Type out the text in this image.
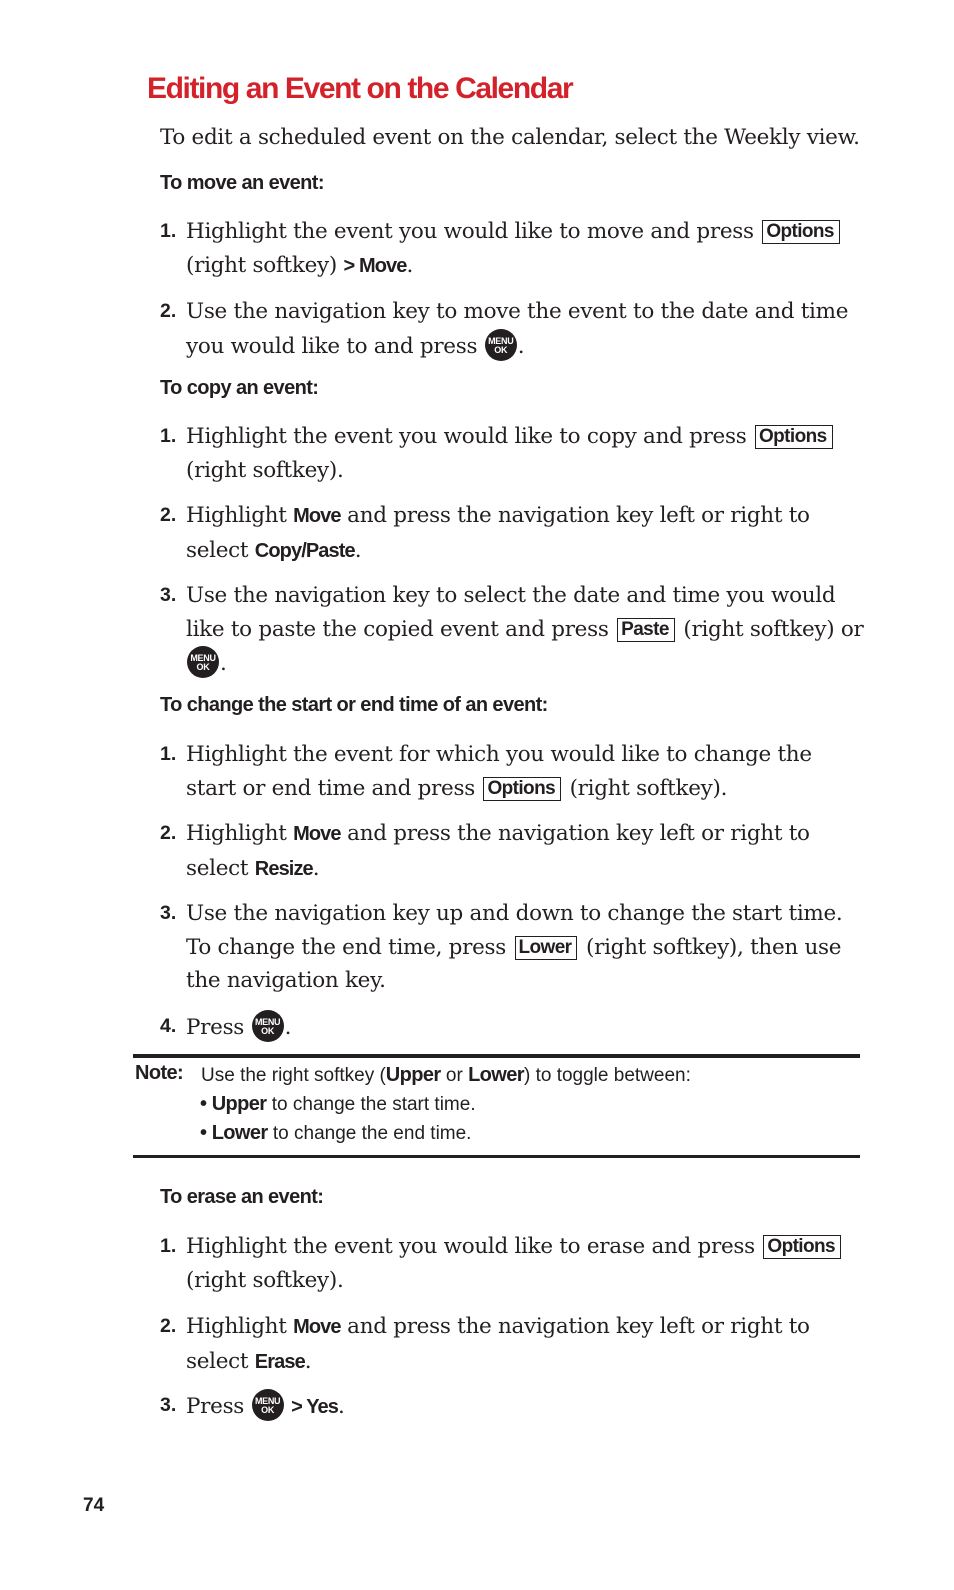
Editing an Event on the Calendar
To edit a scheduled event on the calendar, select the Weekly view.
To move an event:
1. Highlight the event you would like to move and press Options
(right softkey) > Move.
2. Use the navigation key to move the event to the date and time you would like to and press	MENU
OK .
To copy an event:
1. Highlight the event you would like to copy and press Options
(right softkey).
2. Highlight Move and press the navigation key left or right to select Copy/Paste.
3. Use the navigation key to select the date and time you would like to paste the copied event and press Paste (right softkey) or
MENU
OK .
To change the start or end time of an event:
1. Highlight the event for which you would like to change the start or end time and press Options (right softkey).
2. Highlight Move and press the navigation key left or right to select Resize.
3. Use the navigation key up and down to change the start time. To change the end time, press Lower (right softkey), then use the navigation key.
4. Press	MENU
OK .
Note: Use the right softkey (Upper or Lower) to toggle between:
• Upper to change the start time.
• Lower to change the end time.
To erase an event:
1. Highlight the event you would like to erase and press Options
(right softkey).
2. Highlight Move and press the navigation key left or right to select Erase.
3. Press	MENU
OK > Yes.
74
